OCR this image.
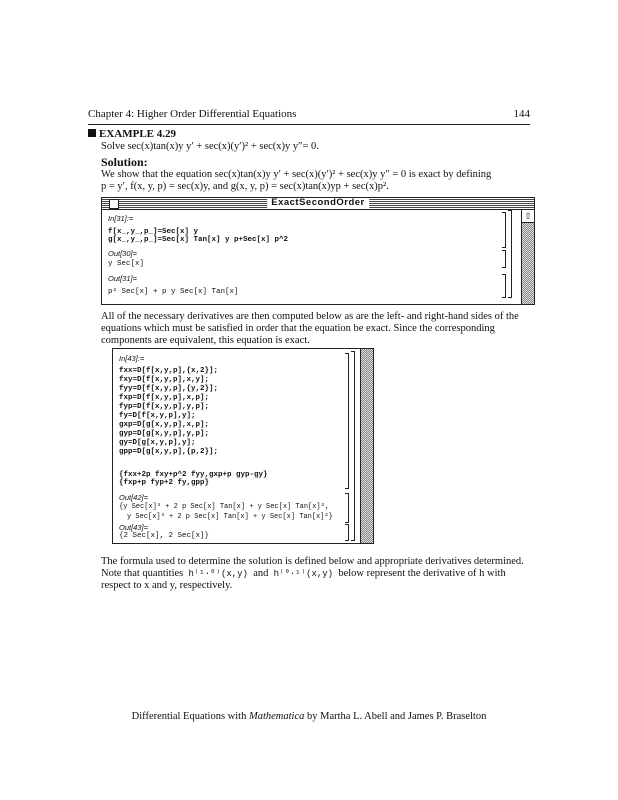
Chapter 4: Higher Order Differential Equations	144
EXAMPLE 4.29
Solve sec(x)tan(x)y y′ + sec(x)(y′)² + sec(x)y y″= 0.
Solution:
We show that the equation sec(x)tan(x)y y′ + sec(x)(y′)² + sec(x)y y″ = 0 is exact by defining
p = y′, f(x, y, p) = sec(x)y, and g(x, y, p) = sec(x)tan(x)yp + sec(x)p².
ExactSecondOrder
⇧
In[31]:=
f[x_,y_,p_]=Sec[x] y
g[x_,y_,p_]=Sec[x] Tan[x] y p+Sec[x] p^2
Out[30]=
y Sec[x]
Out[31]=
p² Sec[x] + p y Sec[x] Tan[x]
All of the necessary derivatives are then computed below as are the left- and right-hand sides of the
equations which must be satisfied in order that the equation be exact. Since the corresponding
components are equivalent, this equation is exact.
In[43]:=
fxx=D[f[x,y,p],{x,2}];
fxy=D[f[x,y,p],x,y];
fyy=D[f[x,y,p],{y,2}];
fxp=D[f[x,y,p],x,p];
fyp=D[f[x,y,p],y,p];
fy=D[f[x,y,p],y];
gxp=D[g[x,y,p],x,p];
gyp=D[g[x,y,p],y,p];
gy=D[g[x,y,p],y];
gpp=D[g[x,y,p],{p,2}];
{fxx+2p fxy+p^2 fyy,gxp+p gyp-gy}
{fxp+p fyp+2 fy,gpp}
Out[42]=
{y Sec[x]³ + 2 p Sec[x] Tan[x] + y Sec[x] Tan[x]²,
y Sec[x]³ + 2 p Sec[x] Tan[x] + y Sec[x] Tan[x]²}
Out[43]=
{2 Sec[x], 2 Sec[x]}
The formula used to determine the solution is defined below and appropriate derivatives determined.
Note that quantities h⁽¹·⁰⁾(x,y) and h⁽⁰·¹⁾(x,y) below represent the derivative of h with
respect to x and y, respectively.
Differential Equations with Mathematica by Martha L. Abell and James P. Braselton
